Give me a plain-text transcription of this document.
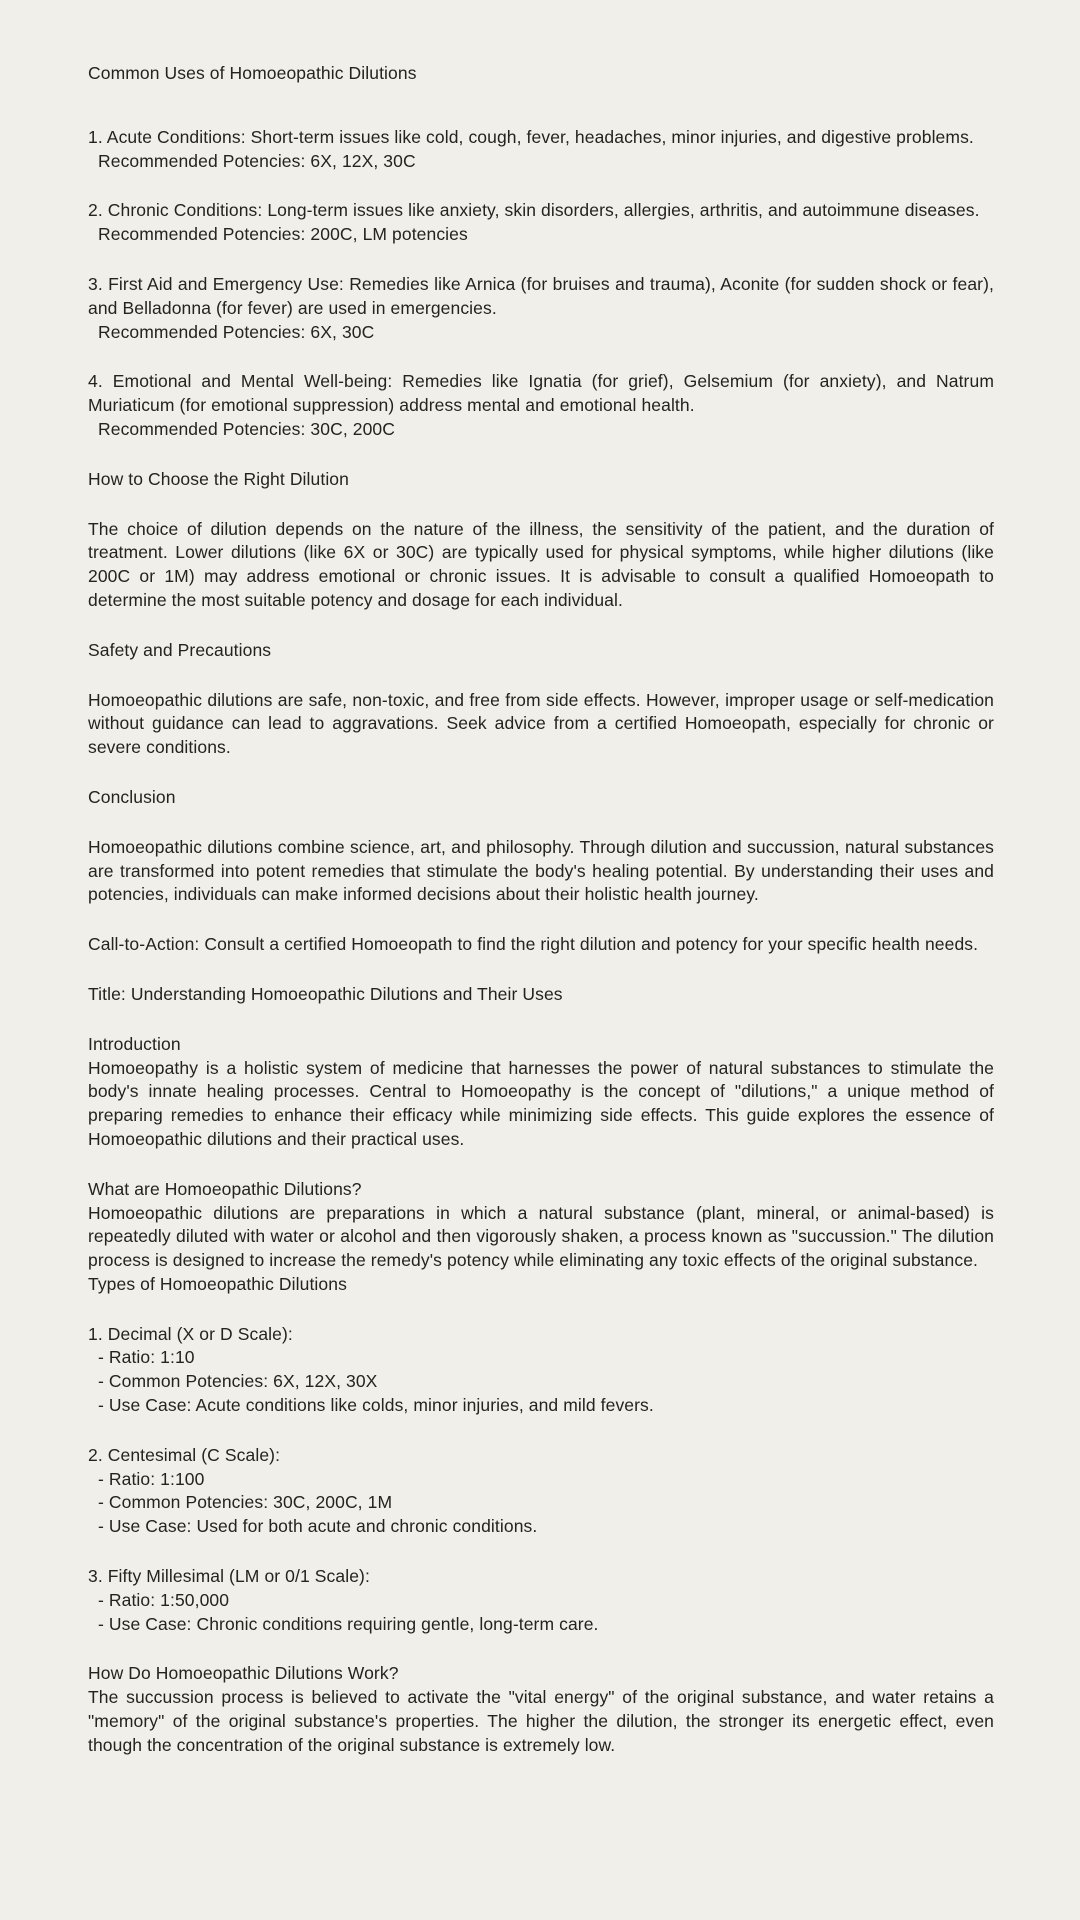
Common Uses of Homoeopathic Dilutions

1. Acute Conditions: Short-term issues like cold, cough, fever, headaches, minor injuries, and digestive problems.
Recommended Potencies: 6X, 12X, 30C

2. Chronic Conditions: Long-term issues like anxiety, skin disorders, allergies, arthritis, and autoimmune diseases.
Recommended Potencies: 200C, LM potencies

3. First Aid and Emergency Use: Remedies like Arnica (for bruises and trauma), Aconite (for sudden shock or fear), and Belladonna (for fever) are used in emergencies.
Recommended Potencies: 6X, 30C

4. Emotional and Mental Well-being: Remedies like Ignatia (for grief), Gelsemium (for anxiety), and Natrum Muriaticum (for emotional suppression) address mental and emotional health.
Recommended Potencies: 30C, 200C

How to Choose the Right Dilution

The choice of dilution depends on the nature of the illness, the sensitivity of the patient, and the duration of treatment. Lower dilutions (like 6X or 30C) are typically used for physical symptoms, while higher dilutions (like 200C or 1M) may address emotional or chronic issues. It is advisable to consult a qualified Homoeopath to determine the most suitable potency and dosage for each individual.

Safety and Precautions

Homoeopathic dilutions are safe, non-toxic, and free from side effects. However, improper usage or self-medication without guidance can lead to aggravations. Seek advice from a certified Homoeopath, especially for chronic or severe conditions.

Conclusion

Homoeopathic dilutions combine science, art, and philosophy. Through dilution and succussion, natural substances are transformed into potent remedies that stimulate the body's healing potential. By understanding their uses and potencies, individuals can make informed decisions about their holistic health journey.

Call-to-Action: Consult a certified Homoeopath to find the right dilution and potency for your specific health needs.

Title: Understanding Homoeopathic Dilutions and Their Uses
Introduction

Homoeopathy is a holistic system of medicine that harnesses the power of natural substances to stimulate the body's innate healing processes. Central to Homoeopathy is the concept of "dilutions," a unique method of preparing remedies to enhance their efficacy while minimizing side effects. This guide explores the essence of Homoeopathic dilutions and their practical uses.

What are Homoeopathic Dilutions?

Homoeopathic dilutions are preparations in which a natural substance (plant, mineral, or animal-based) is repeatedly diluted with water or alcohol and then vigorously shaken, a process known as "succussion." The dilution process is designed to increase the remedy's potency while eliminating any toxic effects of the original substance.

Types of Homoeopathic Dilutions

1. Decimal (X or D Scale):
- Ratio: 1:10
- Common Potencies: 6X, 12X, 30X
- Use Case: Acute conditions like colds, minor injuries, and mild fevers.

2. Centesimal (C Scale):
- Ratio: 1:100
- Common Potencies: 30C, 200C, 1M
- Use Case: Used for both acute and chronic conditions.

3. Fifty Millesimal (LM or 0/1 Scale):
- Ratio: 1:50,000
- Use Case: Chronic conditions requiring gentle, long-term care.

How Do Homoeopathic Dilutions Work?

The succussion process is believed to activate the "vital energy" of the original substance, and water retains a "memory" of the original substance's properties. The higher the dilution, the stronger its energetic effect, even though the concentration of the original substance is extremely low.
